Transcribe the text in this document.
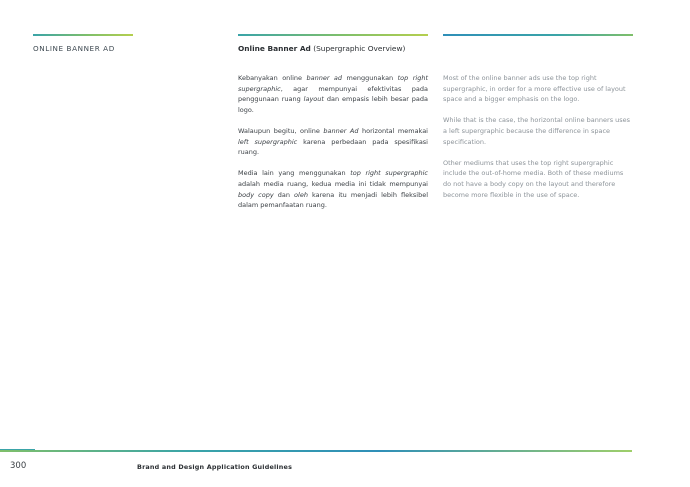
ONLINE BANNER AD	Online Banner Ad (Supergraphic Overview)

Kebanyakan online banner ad menggunakan top right supergraphic, agar mempunyai efektivitas pada penggunaan ruang layout dan empasis lebih besar pada logo.

Walaupun begitu, online banner Ad horizontal memakai left supergraphic karena perbedaan pada spesifikasi ruang.

Media lain yang menggunakan top right supergraphic adalah media ruang, kedua media ini tidak mempunyai body copy dan oleh karena itu menjadi lebih fleksibel dalam pemanfaatan ruang.

Most of the online banner ads use the top right supergraphic, in order for a more effective use of layout space and a bigger emphasis on the logo.

While that is the case, the horizontal online banners uses a left supergraphic because the difference in space specification.

Other mediums that uses the top right supergraphic include the out-of-home media. Both of these mediums do not have a body copy on the layout and therefore become more flexible in the use of space.

300	Brand and Design Application Guidelines
